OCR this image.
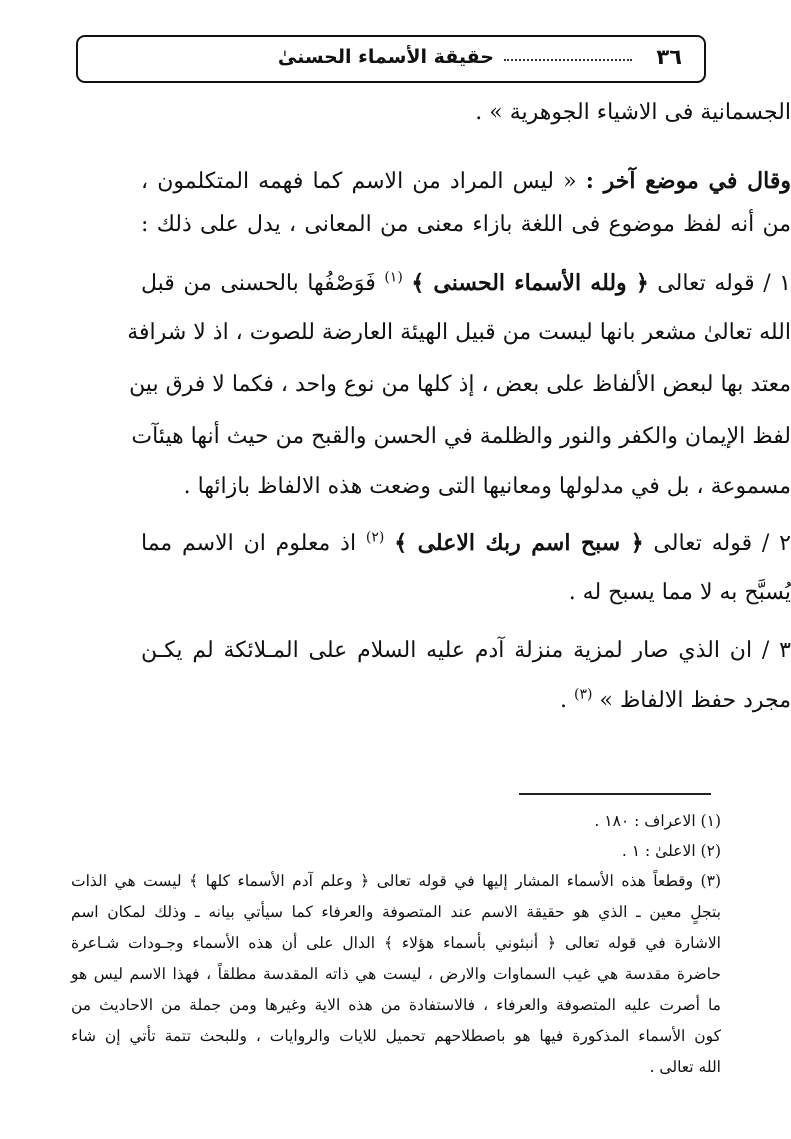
٣٦
حقيقة الأسماء الحسنىٰ
الجسمانية فى الاشياء الجوهرية » .
وقال في موضع آخر : « ليس المراد من الاسم كما فهمه المتكلمون ،
من أنه لفظ موضوع فى اللغة بازاء معنى من المعانى ، يدل على ذلك :
١ / قوله تعالى ﴿ ولله الأسماء الحسنى ﴾ $^{(١)}$ فَوَصْفُها بالحسنى من قبل
الله تعالىٰ مشعر بانها ليست من قبيل الهيئة العارضة للصوت ، اذ لا شرافة
معتد بها لبعض الألفاظ على بعض ، إذ كلها من نوع واحد ، فكما لا فرق بين
لفظ الإيمان والكفر والنور والظلمة في الحسن والقبح من حيث أنها هيئآت
مسموعة ، بل في مدلولها ومعانيها التى وضعت هذه الالفاظ بازائها .
٢ / قوله تعالى ﴿ سبح اسم ربك الاعلى ﴾ $^{(٢)}$ اذ معلوم ان الاسم مما
يُسبَّح به لا مما يسبح له .
٣ / ان الذي صار لمزية منزلة آدم عليه السلام على المـلائكة لم يكـن
مجرد حفظ الالفاظ » $^{(٣)}$ .
(١) الاعراف : ١٨٠ .
(٢) الاعلىٰ : ١ .
(٣) وقطعاً هذه الأسماء المشار إليها في قوله تعالى ﴿ وعلم آدم الأسماء كلها ﴾ ليست هي الذات
بتجلٍ معين ـ الذي هو حقيقة الاسم عند المتصوفة والعرفاء كما سيأتي بيانه ـ وذلك لمكان اسم
الاشارة في قوله تعالى ﴿ أنبئوني بأسماء هؤلاء ﴾ الدال على أن هذه الأسماء وجـودات شـاعرة
حاضرة مقدسة هي غيب السماوات والارض ، ليست هي ذاته المقدسة مطلقاً ، فهذا الاسم ليس هو
ما أصرت عليه المتصوفة والعرفاء ، فالاستفادة من هذه الاية وغيرها ومن جملة من الاحاديث من
كون الأسماء المذكورة فيها هو باصطلاحهم تحميل للايات والروايات ، وللبحث تتمة تأتي إن شاء
الله تعالى .
